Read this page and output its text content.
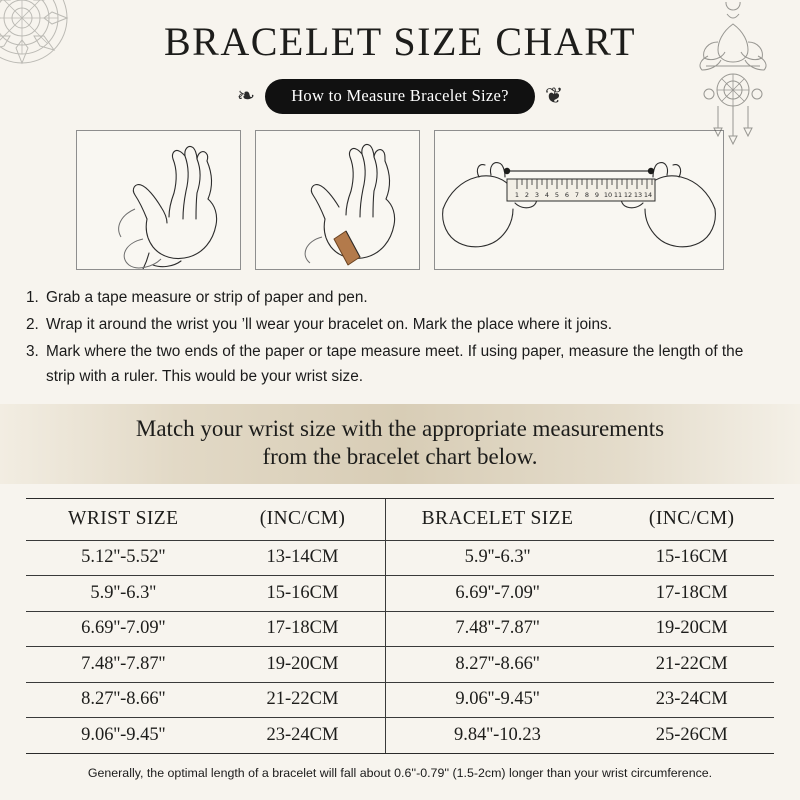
BRACELET SIZE CHART
❧	How to Measure Bracelet Size?	❦
1 2 3 4 5 6 7 8 9 10 11 12 13 14
1. Grab a tape measure or strip of paper and pen.
2. Wrap it around the wrist you ’ll wear your bracelet on. Mark the place where it joins.
3. Mark where the two ends of the paper or tape measure meet. If using paper, measure the length of the strip with a ruler. This would be your wrist size.
Match your wrist size with the appropriate measurements
from the bracelet chart below.
WRIST SIZE	(INC/CM)	BRACELET SIZE	(INC/CM)
5.12''-5.52''	13-14CM	5.9''-6.3''	15-16CM
5.9''-6.3''	15-16CM	6.69''-7.09''	17-18CM
6.69''-7.09''	17-18CM	7.48''-7.87''	19-20CM
7.48''-7.87''	19-20CM	8.27''-8.66''	21-22CM
8.27''-8.66''	21-22CM	9.06''-9.45''	23-24CM
9.06''-9.45''	23-24CM	9.84''-10.23	25-26CM
Generally, the optimal length of a bracelet will fall about 0.6''-0.79'' (1.5-2cm) longer than your wrist circumference.
